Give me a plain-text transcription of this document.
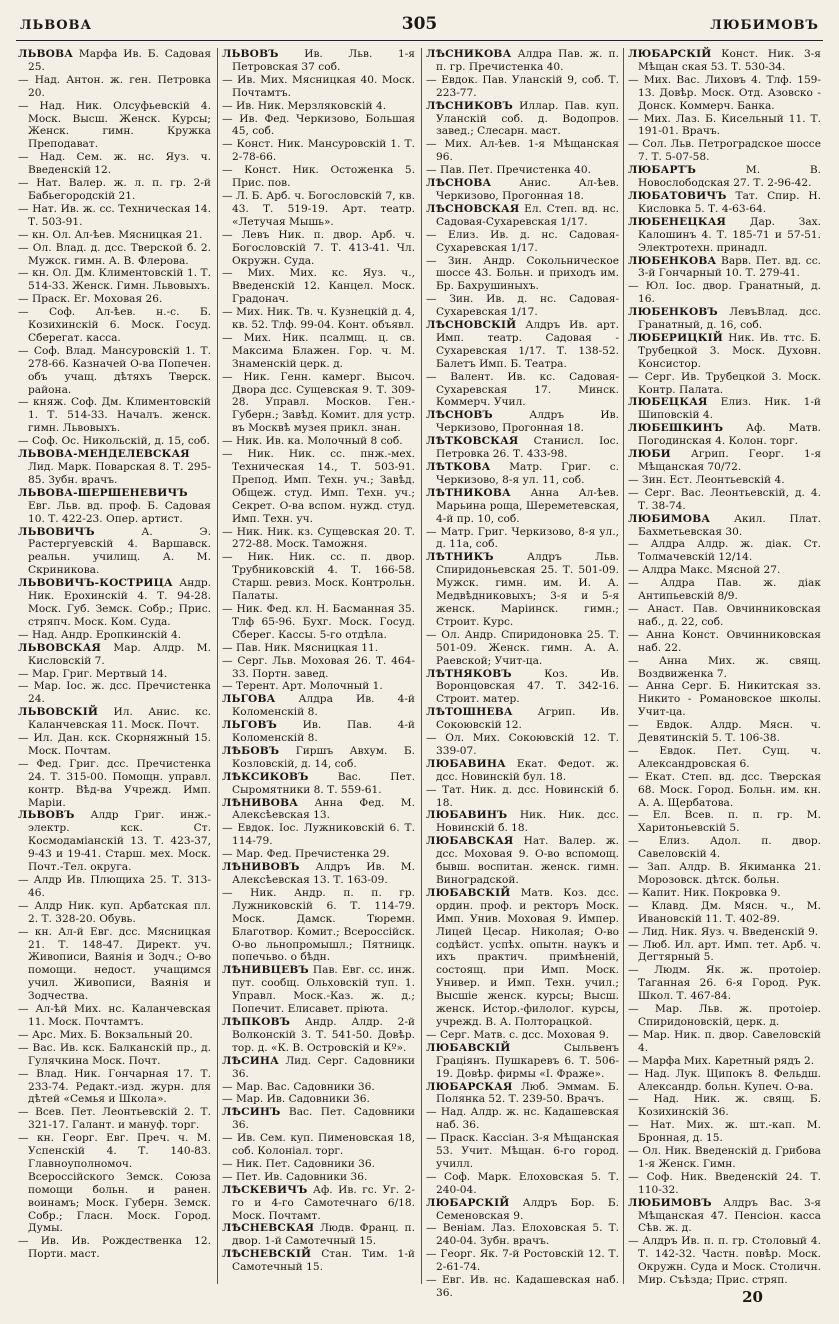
ЛЬВОВА	305	ЛЮБИМОВЪ

ЛЬВОВА Марфа Ив. Б. Садовая 25.

— Над. Антон. ж. ген. Петровка 20.

— Над. Ник. Олсуфьевскій 4. Моск. Высш. Женск. Курсы; Женск. гимн. Кружка Преподават.

— Над. Сем. ж. нс. Яуз. ч. Введенскій 12.

— Нат. Валер. ж. л. п. гр. 2-й Бабьегородскій 21.

— Нат. Ив. ж. сс. Техническая 14. Т. 503-91.

— кн. Ол. Ал-ѣев. Мясницкая 21.

— Ол. Влад. д. дсс. Тверской б. 2. Мужск. гимн. А. В. Флерова.

— кн. Ол. Дм. Климентовскій 1. Т. 514-33. Женск. Гимн. Львовыхъ.

— Праск. Ег. Моховая 26.

— Соф. Ал-ѣев. н.-с. Б. Козихинскій 6. Моск. Госуд. Сберегат. касса.

— Соф. Влад. Мансуровскій 1. Т. 278-66. Казначей О-ва Попечен. объ учащ. дѣтяхъ Тверск. района.

— княж. Соф. Дм. Климентовскій 1. Т. 514-33. Началъ. женск. гимн. Львовыхъ.

— Соф. Ос. Никольскій, д. 15, соб.

ЛЬВОВА-МЕНДЕЛЕВСКАЯ Лид. Марк. Поварская 8. Т. 295-85. Зубн. врачъ.

ЛЬВОВА-ШЕРШЕНЕВИЧЪ Евг. Льв. вд. проф. Б. Садовая 10. Т. 422-23. Опер. артист.

ЛЬВОВИЧЪ А. Э. Растергуевскій 4. Варшавск. реальн. училищ. А. М. Скриникова.

ЛЬВОВИЧЪ-КОСТРИЦА Андр. Ник. Ерохинскій 4. Т. 94-28. Моск. Губ. Земск. Собр.; Прис. стряпч. Моск. Ком. Суда.

— Над. Андр. Еропкинскій 4.

ЛЬВОВСКАЯ Мар. Алдр. М. Кисловскій 7.

— Мар. Григ. Мертвый 14.

— Мар. Іос. ж. дсс. Пречистенка 24.

ЛЬВОВСКІЙ Ил. Анис. кс. Каланчевская 11. Моск. Почт.

— Ил. Дан. кск. Скорняжный 15. Моск. Почтам.

— Фед. Григ. дсс. Пречистенка 24. Т. 315-00. Помощн. управл. контр. Вѣд-ва Учрежд. Имп. Маріи.

ЛЬВОВЪ Алдр Григ. инж.-электр. кск. Ст. Космодаміанскій 13. Т. 423-37, 9-43 и 19-41. Старш. мех. Моск. Почт.-Тел. округа.

— Алдр Ив. Плющиха 25. Т. 313-46.

— Алдр Ник. куп. Арбатская пл. 2. Т. 328-20. Обувь.

— кн. Ал-й Евг. дсс. Мясницкая 21. Т. 148-47. Директ. уч. Живописи, Ваянія и Зодч.; О-во помощи. недост. учащимся учил. Живописи, Ваянія и Зодчества.

— Ал-ѣй Мих. нс. Каланчевская 11. Моск. Почтамтъ.

— Арс. Мих. Б. Вокзальный 20.

— Вас. Ив. кск. Балканскій пр., д. Гулячкина Моск. Почт.

— Влад. Ник. Гончарная 17. Т. 233-74. Редакт.-изд. журн. для дѣтей «Семья и Школа».

— Всев. Пет. Леонтьевскій 2. Т. 321-17. Галант. и мануф. торг.

— кн. Георг. Евг. Преч. ч. М. Успенскій 4. Т. 140-83. Главноуполномоч. Всероссійского Земск. Союза помощи больн. и ранен. воинамъ; Моск. Губерн. Земск. Собр.; Гласн. Моск. Город. Думы.

— Ив. Ив. Рождественка 12. Порти. маст.

ЛЬВОВЪ Ив. Льв. 1-я Петровская 37 соб.

— Ив. Мих. Мясницкая 40. Моск. Почтамтъ.

— Ив. Ник. Мерзляковскій 4.

— Ив. Фед. Черкизово, Большая 45, соб.

— Конст. Ник. Мансуровскій 1. Т. 2-78-66.

— Конст. Ник. Остоженка 5. Прис. пов.

— Л. Б. Арб. ч. Богословскій 7, кв. 43. Т. 519-19. Арт. театр. «Летучая Мышь».

— Левъ Ник. п. двор. Арб. ч. Богословскій 7. Т. 413-41. Чл. Окружн. Суда.

— Мих. Мих. кс. Яуз. ч., Введенскій 12. Канцел. Моск. Градонач.

— Мих. Ник. Тв. ч. Кузнецкій д. 4, кв. 52. Тлф. 99-04. Конт. объявл.

— Мих. Ник. псалмщ. ц. св. Максима Блажен. Гор. ч. М. Знаменскій церк. д.

— Ник. Генн. камерг. Высоч. Двора дсс. Сущевская 9. Т. 309-28. Управл. Москов. Ген.-Губерн.; Завѣд. Комит. для устр. въ Москвѣ музея прикл. знан.

— Ник. Ив. ка. Молочный 8 соб.

— Ник. Ник. сс. пнж.-мех. Техническая 14., Т. 503-91. Препод. Имп. Техн. уч.; Завѣд. Общеж. студ. Имп. Техн. уч.; Секрет. О-ва вспом. нужд. студ. Имп. Техн. уч.

— Ник. Ник. кз. Сущевская 20. Т. 272-88. Моск. Таможня.

— Ник. Ник. сс. п. двор. Трубниковскій 4. Т. 166-58. Старш. ревиз. Моск. Контрольн. Палаты.

— Ник. Фед. кл. Н. Басманная 35. Тлф 65-96. Бухг. Моск. Госуд. Сберег. Кассы. 5-го отдѣла.

— Пав. Ник. Мясницкая 11.

— Серг. Льв. Моховая 26. Т. 464-33. Портн. завед.

— Терент. Арт. Молочный 1.

ЛЬГОВА Алдра Ив. 4-й Коломенскій 8.

ЛЬГОВЪ Ив. Пав. 4-й Коломенскій 8.

ЛѢБОВЪ Гиршъ Авхум. Б. Козловскій, д. 14, соб.

ЛѢКСИКОВЪ Вас. Пет. Сыромятники 8. Т. 559-61.

ЛѢНИВОВА Анна Фед. М. Алексѣевская 13.

— Евдок. Іос. Лужниковскій 6. Т. 114-79.

— Мар. Фед. Пречистенка 29.

ЛѢНИВОВЪ Алдръ Ив. М. Алексѣевская 13. Т. 163-09.

— Ник. Андр. п. п. гр. Лужниковскій 6. Т. 114-79. Моск. Дамск. Тюремн. Благотвор. Комит.; Всероссійск. О-во льнопромышл.; Пятницк. попечьво. о бѣдн.

ЛѢНИВЦЕВЪ Пав. Евг. сс. инж. пут. сообщ. Ольховскій туп. 1. Управл. Моск.-Каз. ж. д.; Попечит. Елисавет. пріюта.

ЛѢПКОВЪ Андр. Алдр. 2-й Волконскій 3. Т. 541-50. Довѣр. тор. д. «К. В. Островскій и Кº».

ЛѢСИНА Лид. Серг. Садовники 36.

— Мар. Вас. Садовники 36.

— Мар. Ив. Садовники 36.

ЛѢСИНЪ Вас. Пет. Садовники 36.

— Ив. Сем. куп. Пименовская 18, соб. Колоніал. торг.

— Ник. Пет. Садовники 36.

— Пет. Ив. Садовники 36.

ЛѢСКЕВИЧЪ Аф. Ив. гс. Уг. 2-го и 4-го Самотечнаго 6/18. Моск. Почтамт.

ЛѢСНЕВСКАЯ Людв. Франц. п. двор. 1-й Самотечный 15.

ЛѢСНЕВСКІЙ Стан. Тим. 1-й Самотечный 15.

ЛѢСНИКОВА Алдра Пав. ж. п. п. гр. Пречистенка 40.

— Евдок. Пав. Уланскій 9, соб. Т. 223-77.

ЛѢСНИКОВЪ Иллар. Пав. куп. Уланскій соб. д. Водопров. завед.; Слесарн. маст.

— Мих. Ал-ѣев. 1-я Мѣщанская 96.

— Пав. Пет. Пречистенка 40.

ЛѢСНОВА Анис. Ал-ѣев. Черкизово, Прогонная 18.

ЛѢСНОВСКАЯ Ел. Степ. вд. нс. Садовая-Сухаревская 1/17.

— Елиз. Ив. д. нс. Садовая-Сухаревская 1/17.

— Зин. Андр. Сокольническое шоссе 43. Больн. и приходъ им. Бр. Бахрушиныхъ.

— Зин. Ив. д. нс. Садовая-Сухаревская 1/17.

ЛѢСНОВСКІЙ Алдръ Ив. арт. Имп. театр. Садовая - Сухаревская 1/17. Т. 138-52. Балетъ Имп. Б. Театра.

— Валент. Ив. кс. Садовая-Сухаревская 17. Минск. Коммерч. Учил.

ЛѢСНОВЪ Алдръ Ив. Черкизово, Прогонная 18.

ЛѢТКОВСКАЯ Станисл. Іос. Петровка 26. Т. 433-98.

ЛѢТКОВА Матр. Григ. с. Черкизово, 8-я ул. 11, соб.

ЛѢТНИКОВА Анна Ал-ѣев. Марьина роща, Шереметевская, 4-й пр. 10, соб.

— Матр. Григ. Черкизово, 8-я ул., д. 11а, соб.

ЛѢТНИКЪ Алдръ Льв. Спиридоньевская 25. Т. 501-09. Мужск. гимн. им. И. А. Медвѣдниковыхъ; 3-я и 5-я женск. Маріинск. гимн.; Строит. Курс.

— Ол. Андр. Спиридоновка 25. Т. 501-09. Женск. гимн. А. А. Раевской; Учит-ца.

ЛѢТНЯКОВЪ Коз. Ив. Воронцовская 47. Т. 342-16. Строит. матер.

ЛѢТОШНЕВА Агрип. Ив. Сокоювскій 12.

— Ол. Мих. Сокоювскій 12. Т. 339-07.

ЛЮБАВИНА Екат. Федот. ж. дсс. Новинскій бул. 18.

— Тат. Ник. д. дсс. Новинскій б. 18.

ЛЮБАВИНЪ Ник. Ник. дсс. Новинскій б. 18.

ЛЮБАВСКАЯ Нат. Валер. ж. дсс. Моховая 9. О-во вспомощ. бывш. воспитан. женск. гимн. Виноградской.

ЛЮБАВСКІЙ Матв. Коз. дсс. ордин. проф. и ректоръ Моск. Имп. Унив. Моховая 9. Импер. Лицей Цесар. Николая; О-во содѣйст. успѣх. опытн. наукъ и ихъ практич. примѣненій, состоящ. при Имп. Моск. Универ. и Имп. Техн. учил.; Высшіе женск. курсы; Высш. женск. Истор.-филолог. курсы, учрежд. В. А. Полторацкой.

— Серг. Матв. с. дсс. Моховая 9.

ЛЮБАВСКІЙ Сыльвенъ Граціянъ. Пушкаревъ 6. Т. 506-19. Довѣр. фирмы «І. Фраже».

ЛЮБАРСКАЯ Люб. Эммам. Б. Полянка 52. Т. 239-50. Врачъ.

— Над. Алдр. ж. нс. Кадашевская наб. 36.

— Праск. Кассіан. 3-я Мѣщанская 53. Учит. Мѣщан. 6-го город. училл.

— Соф. Марк. Елоховская 5. Т. 240-04.

ЛЮБАРСКІЙ Алдръ Бор. Б. Семеновская 9.

— Веніам. Лаз. Елоховская 5. Т. 240-04. Зубн. врачъ.

— Георг. Як. 7-й Ростовскій 12. Т. 2-61-74.

— Евг. Ив. нс. Кадашевская наб. 36.

ЛЮБАРСКІЙ Конст. Ник. 3-я Мѣщан ская 53. Т. 530-34.

— Мих. Вас. Лиховъ 4. Тлф. 159-13. Довѣр. Моск. Отд. Азовско - Донск. Коммерч. Банка.

— Мих. Лаз. Б. Кисельный 11. Т. 191-01. Врачъ.

— Сол. Льв. Петроградское шоссе 7. Т. 5-07-58.

ЛЮБАРТЪ М. В. Новослободская 27. Т. 2-96-42.

ЛЮБАТОВИЧЪ Тат. Спир. Н. Кисловка 5. Т. 4-63-64.

ЛЮБЕНЕЦКАЯ Дар. Зах. Калошинъ 4. Т. 185-71 и 57-51. Электротехн. принадл.

ЛЮБЕНКОВА Варв. Пет. вд. сс. 3-й Гончарный 10. Т. 279-41.

— Юл. Іос. двор. Гранатный, д. 16.

ЛЮБЕНКОВЪ ЛевъВлад. дсс. Гранатный, д. 16, соб.

ЛЮБЕРИЦКІЙ Ник. Ив. ттс. Б. Трубецкой 3. Моск. Духовн. Консистор.

— Серг. Ив. Трубецкой 3. Моск. Контр. Палата.

ЛЮБЕЦКАЯ Елиз. Ник. 1-й Шиповскій 4.

ЛЮБЕШКИНЪ Аф. Матв. Погодинская 4. Колон. торг.

ЛЮБИ Агрип. Георг. 1-я Мѣщанская 70/72.

— Зин. Ест. Леонтьевскій 4.

— Серг. Вас. Леонтьевскій, д. 4. Т. 38-74.

ЛЮБИМОВА Акил. Плат. Бахметьевская 30.

— Алдра Алдр. ж. діак. Ст. Толмачевскій 12/14.

— Алдра Макс. Мясной 27.

— Алдра Пав. ж. діак Антипьевскій 8/9.

— Анаст. Пав. Овчинниковская наб., д. 22, соб.

— Анна Конст. Овчинниковская наб. 22.

— Анна Мих. ж. свящ. Воздвиженка 7.

— Анна Серг. Б. Никитская зз. Никито - Романовское школы. Учит-ца.

— Евдок. Алдр. Мясн. ч. Девятинскій 5. Т. 106-38.

— Евдок. Пет. Сущ. ч. Александровская 6.

— Екат. Степ. вд. дсс. Тверская 68. Моск. Город. Больн. им. кн. А. А. Щербатова.

— Ел. Всев. п. п. гр. М. Харитоньевскій 5.

— Елиз. Адол. п. двор. Савеловскій 4.

— Зап. Алдр. В. Якиманка 21. Морозовск. дѣтск. больн.

— Капит. Ник. Покровка 9.

— Клавд. Дм. Мясн. ч., М. Ивановскій 11. Т. 402-89.

— Лид. Ник. Яуз. ч. Введенскій 9.

— Люб. Ил. арт. Имп. тет. Арб. ч. Дегтярный 5.

— Людм. Як. ж. протоіер. Таганная 26. 6-я Город. Рук. Школ. Т. 467-84.

— Мар. Льв. ж. протоіер. Спиридоновскій, церк. д.

— Мар. Ник. п. двор. Савеловскій 4.

— Марфа Мих. Каретный рядъ 2.

— Над. Лук. Щипокъ 8. Фельдш. Александр. больн. Купеч. О-ва.

— Над. Ник. ж. свящ. Б. Козихинскій 36.

— Нат. Мих. ж. шт.-кап. М. Бронная, д. 15.

— Ол. Ник. Введенскій д. Грибова 1-я Женск. Гимн.

— Соф. Ник. Введенскій 24. Т. 110-32.

ЛЮБИМОВЪ Алдръ Вас. 3-я Мѣщанская 47. Пенсіон. касса Сѣв. ж. д.

— Алдръ Ив. п. п. гр. Столовый 4. Т. 142-32. Частн. повѣр. Моск. Окружн. Суда и Моск. Столичн. Мир. Съѣзда; Прис. стряп.

20
